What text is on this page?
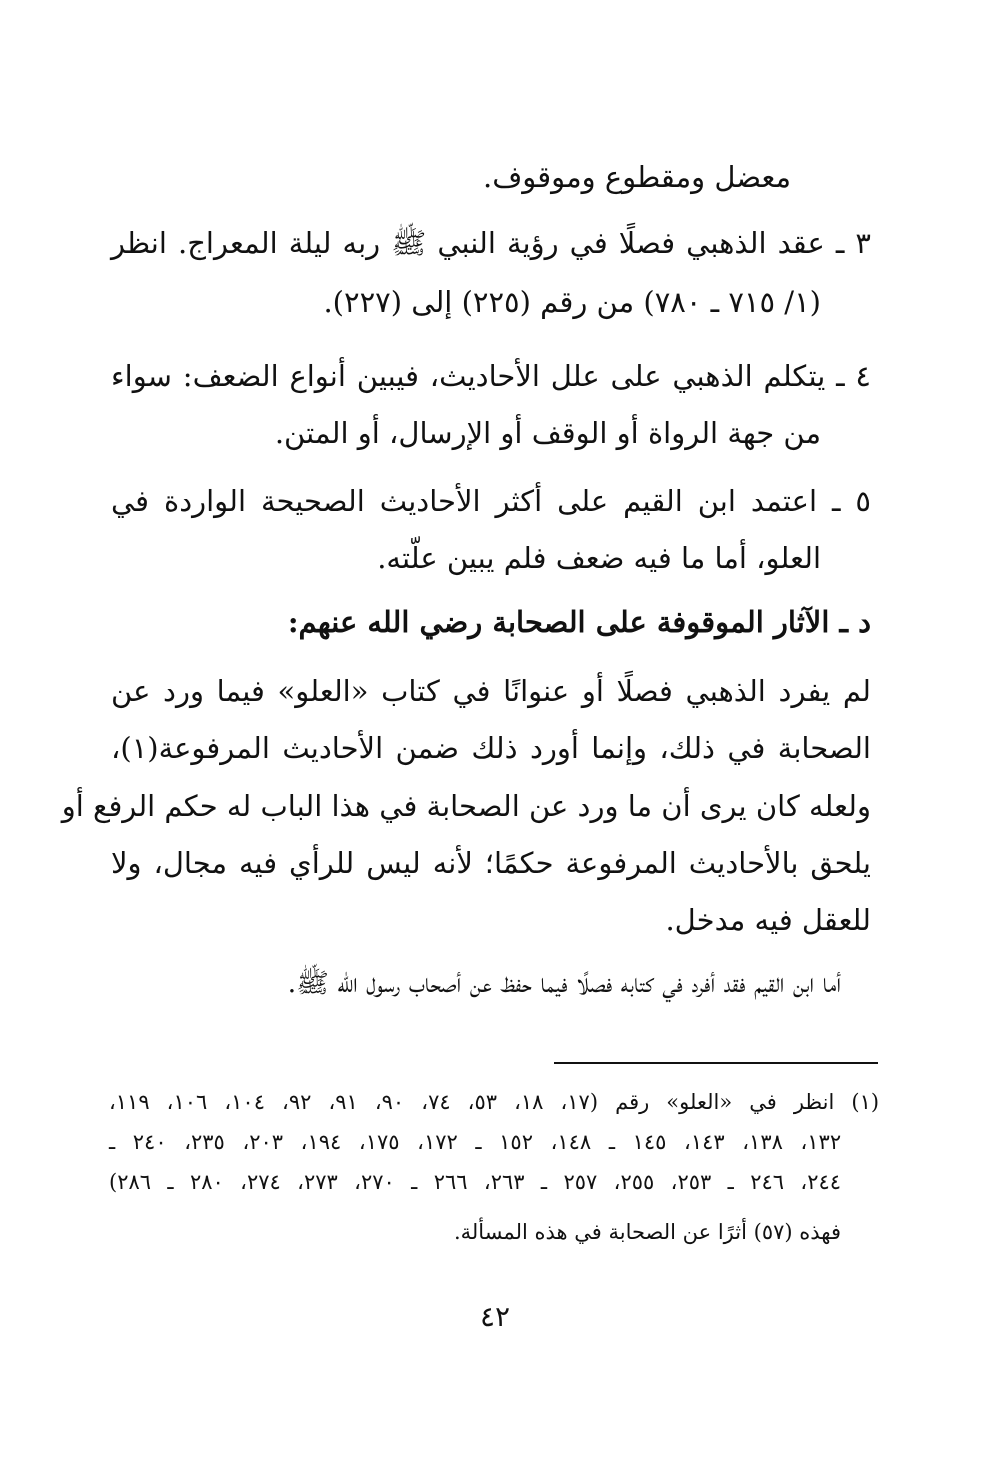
معضل ومقطوع وموقوف.
٣ ـ عقد الذهبي فصلًا في رؤية النبي ﷺ ربه ليلة المعراج. انظر
(١/ ٧١٥ ـ ٧٨٠) من رقم (٢٢٥) إلى (٢٢٧).
٤ ـ يتكلم الذهبي على علل الأحاديث، فيبين أنواع الضعف: سواء
من جهة الرواة أو الوقف أو الإرسال، أو المتن.
٥ ـ اعتمد ابن القيم على أكثر الأحاديث الصحيحة الواردة في
العلو، أما ما فيه ضعف فلم يبين علّته.
د ـ الآثار الموقوفة على الصحابة رضي الله عنهم:
لم يفرد الذهبي فصلًا أو عنوانًا في كتاب «العلو» فيما ورد عن
الصحابة في ذلك، وإنما أورد ذلك ضمن الأحاديث المرفوعة(١)،
ولعله كان يرى أن ما ورد عن الصحابة في هذا الباب له حكم الرفع أو
يلحق بالأحاديث المرفوعة حكمًا؛ لأنه ليس للرأي فيه مجال، ولا
للعقل فيه مدخل.
أما ابن القيم فقد أفرد في كتابه فصلًا فيما حفظ عن أصحاب رسول الله ﷺ.
(١) انظر في «العلو» رقم (١٧، ١٨، ٥٣، ٧٤، ٩٠، ٩١، ٩٢، ١٠٤، ١٠٦، ١١٩،
١٣٢، ١٣٨، ١٤٣، ١٤٥ ـ ١٤٨، ١٥٢ ـ ١٧٢، ١٧٥، ١٩٤، ٢٠٣، ٢٣٥، ٢٤٠ ـ
٢٤٤، ٢٤٦ ـ ٢٥٣، ٢٥٥، ٢٥٧ ـ ٢٦٣، ٢٦٦ ـ ٢٧٠، ٢٧٣، ٢٧٤، ٢٨٠ ـ ٢٨٦)
فهذه (٥٧) أثرًا عن الصحابة في هذه المسألة.
٤٢
